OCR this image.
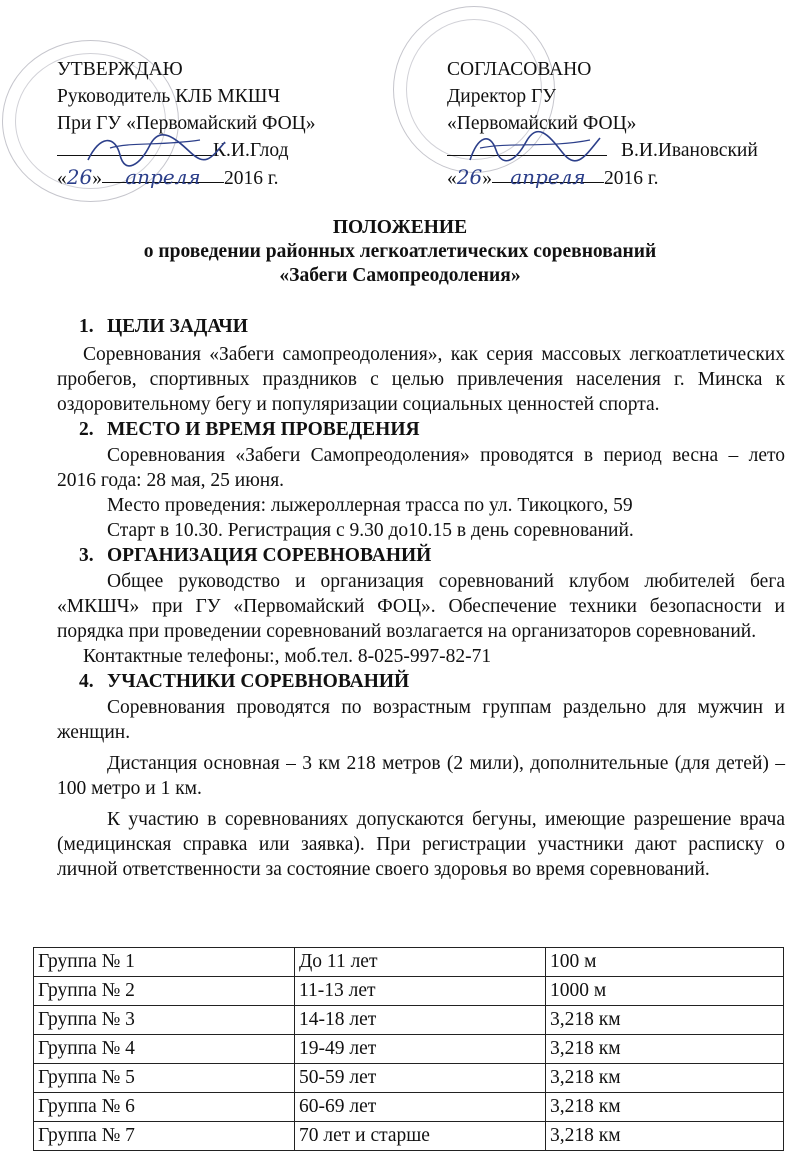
УТВЕРЖДАЮ
Руководитель КЛБ МКШЧ
При ГУ «Первомайский ФОЦ»
К.И.Глод
«26» апреля 2016 г.
СОГЛАСОВАНО
Директор ГУ
«Первомайский ФОЦ»
В.И.Ивановский
«26» апреля 2016 г.
ПОЛОЖЕНИЕ
о проведении районных легкоатлетических соревнований
«Забеги Самопреодоления»
1. ЦЕЛИ ЗАДАЧИ

Соревнования «Забеги самопреодоления», как серия массовых легкоатлетических пробегов, спортивных праздников с целью привлечения населения г. Минска к оздоровительному бегу и популяризации социальных ценностей спорта.

2. МЕСТО И ВРЕМЯ ПРОВЕДЕНИЯ

Соревнования «Забеги Самопреодоления» проводятся в период весна – лето 2016 года: 28 мая, 25 июня.

Место проведения: лыжероллерная трасса по ул. Тикоцкого, 59

Старт в 10.30. Регистрация с 9.30 до10.15 в день соревнований.

3. ОРГАНИЗАЦИЯ СОРЕВНОВАНИЙ

Общее руководство и организация соревнований клубом любителей бега «МКШЧ» при ГУ «Первомайский ФОЦ». Обеспечение техники безопасности и порядка при проведении соревнований возлагается на организаторов соревнований.

Контактные телефоны:, моб.тел. 8-025-997-82-71

4. УЧАСТНИКИ СОРЕВНОВАНИЙ

Соревнования проводятся по возрастным группам раздельно для мужчин и женщин.

Дистанция основная – 3 км 218 метров (2 мили), дополнительные (для детей) – 100 метро и 1 км.

К участию в соревнованиях допускаются бегуны, имеющие разрешение врача (медицинская справка или заявка). При регистрации участники дают расписку о личной ответственности за состояние своего здоровья во время соревнований.

Группа № 1	До 11 лет	100 м
Группа № 2	11-13 лет	1000 м
Группа № 3	14-18 лет	3,218 км
Группа № 4	19-49 лет	3,218 км
Группа № 5	50-59 лет	3,218 км
Группа № 6	60-69 лет	3,218 км
Группа № 7	70 лет и старше	3,218 км
